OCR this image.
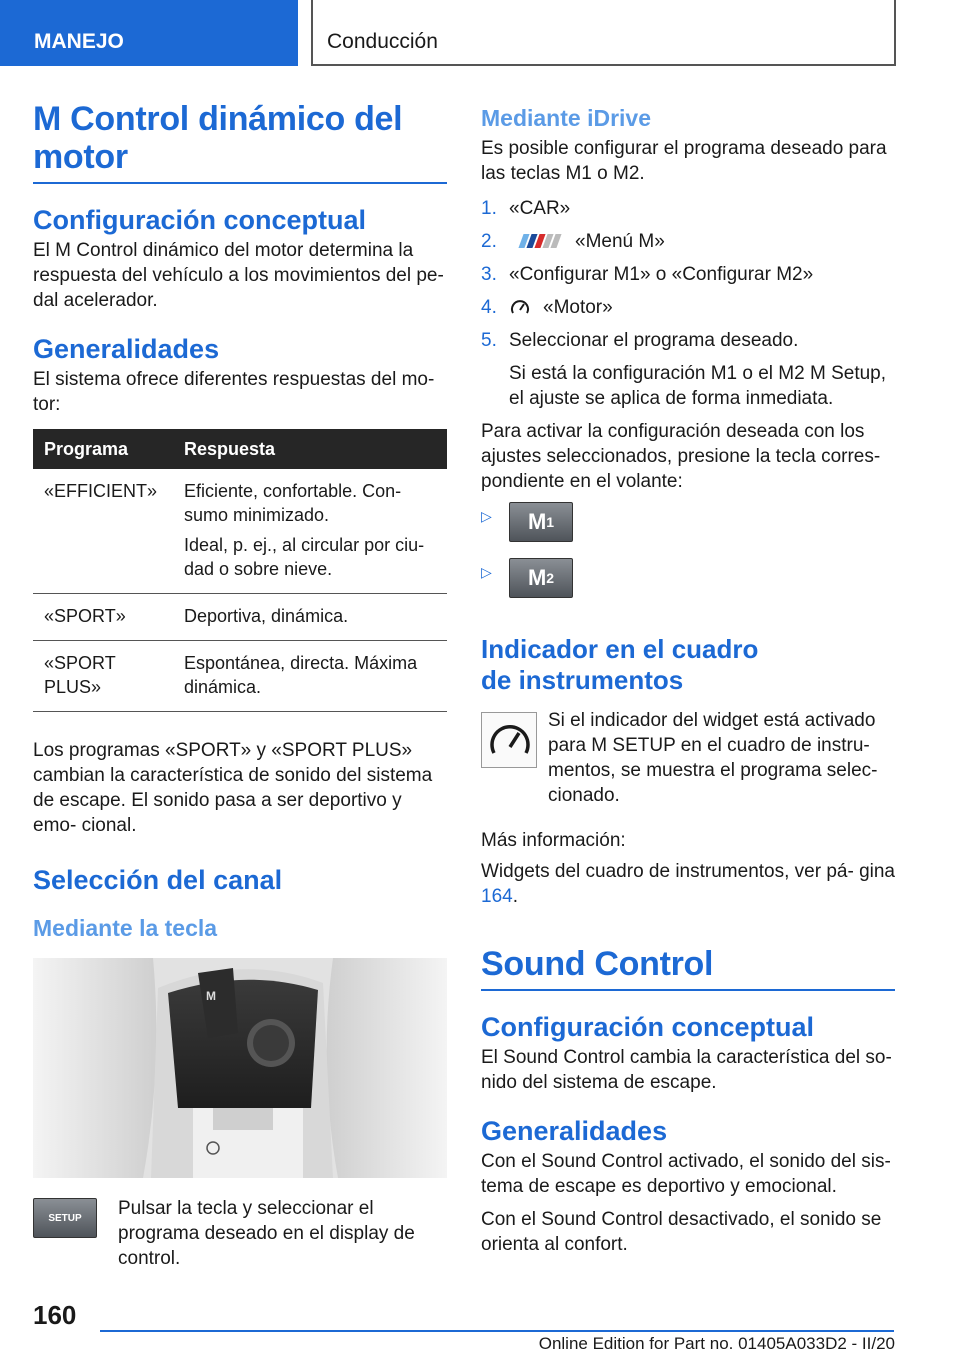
MANEJO	Conducción
M Control dinámico del motor
Configuración conceptual

El M Control dinámico del motor determina la respuesta del vehículo a los movimientos del pe- dal acelerador.

Generalidades

El sistema ofrece diferentes respuestas del mo- tor:

Programa	Respuesta
«EFFICIENT»	Eficiente, confortable. Con- sumo minimizado.

Ideal, p. ej., al circular por ciu- dad o sobre nieve.

«SPORT»	Deportiva, dinámica.
«SPORT PLUS»	Espontánea, directa. Máxima dinámica.

Los programas «SPORT» y «SPORT PLUS» cambian la característica de sonido del sistema de escape. El sonido pasa a ser deportivo y emo- cional.

Selección del canal
Mediante la tecla
M
SETUP	Pulsar la tecla y seleccionar el programa deseado en el display de control.

Mediante iDrive

Es posible configurar el programa deseado para las teclas M1 o M2.

1. «CAR»
2.	«Menú M»
3. «Configurar M1» o «Configurar M2»
4. «Motor»
5. Seleccionar el programa deseado.

Si está la configuración M1 o el M2 M Setup, el ajuste se aplica de forma inmediata.

Para activar la configuración deseada con los ajustes seleccionados, presione la tecla corres- pondiente en el volante:

▷ M 1
▷ M 2
Indicador en el cuadro de instrumentos

Si el indicador del widget está activado para M SETUP en el cuadro de instru- mentos, se muestra el programa selec- cionado.

Más información:

Widgets del cuadro de instrumentos, ver pá- gina 164.

Sound Control
Configuración conceptual

El Sound Control cambia la característica del so- nido del sistema de escape.

Generalidades

Con el Sound Control activado, el sonido del sis- tema de escape es deportivo y emocional.

Con el Sound Control desactivado, el sonido se orienta al confort.

160
Online Edition for Part no. 01405A033D2 - II/20
